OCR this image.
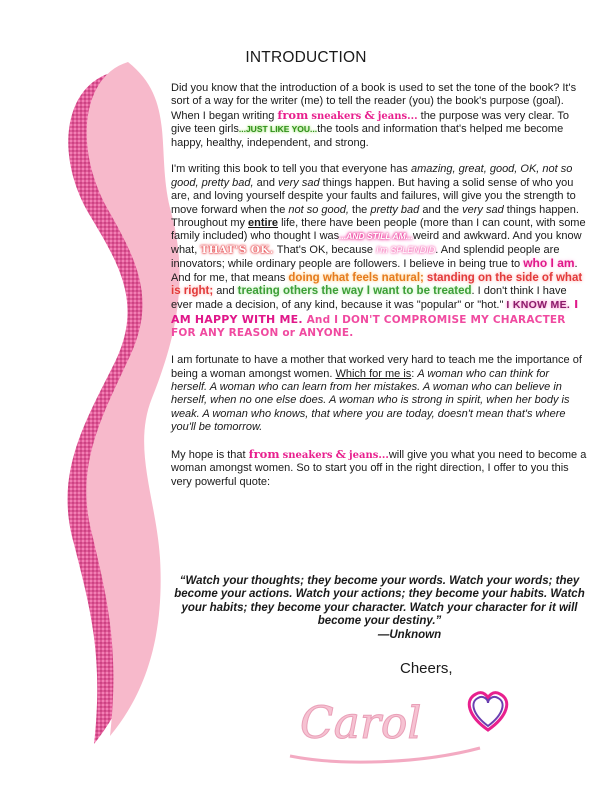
INTRODUCTION

Did you know that the introduction of a book is used to set the tone of the book? It's sort of a way for the writer (me) to tell the reader (you) the book's purpose (goal). When I began writing from sneakers & jeans... the purpose was very clear. To give teen girls...JUST LIKE YOU...the tools and information that's helped me become happy, healthy, independent, and strong.

I'm writing this book to tell you that everyone has amazing, great, good, OK, not so good, pretty bad, and very sad things happen. But having a solid sense of who you are, and loving yourself despite your faults and failures, will give you the strength to move forward when the not so good, the pretty bad and the very sad things happen. Throughout my entire life, there have been people (more than I can count, with some family included) who thought I was...AND STILL AM...weird and awkward. And you know what, THAT'S OK. That's OK, because I'm SPLENDID. And splendid people are innovators; while ordinary people are followers. I believe in being true to who I am. And for me, that means doing what feels natural; standing on the side of what is right; and treating others the way I want to be treated. I don't think I have ever made a decision, of any kind, because it was "popular" or "hot." I KNOW ME. I AM HAPPY WITH ME. And I DON'T COMPROMISE MY CHARACTER FOR ANY REASON or ANYONE.

I am fortunate to have a mother that worked very hard to teach me the importance of being a woman amongst women. Which for me is: A woman who can think for herself. A woman who can learn from her mistakes. A woman who can believe in herself, when no one else does. A woman who is strong in spirit, when her body is weak. A woman who knows, that where you are today, doesn't mean that's where you'll be tomorrow.

My hope is that from sneakers & jeans...will give you what you need to become a woman amongst women. So to start you off in the right direction, I offer to you this very powerful quote:

“Watch your thoughts; they become your words. Watch your words; they become your actions. Watch your actions; they become your habits. Watch your habits; they become your character. Watch your character for it will become your destiny.”
—Unknown
Cheers,
Carol
